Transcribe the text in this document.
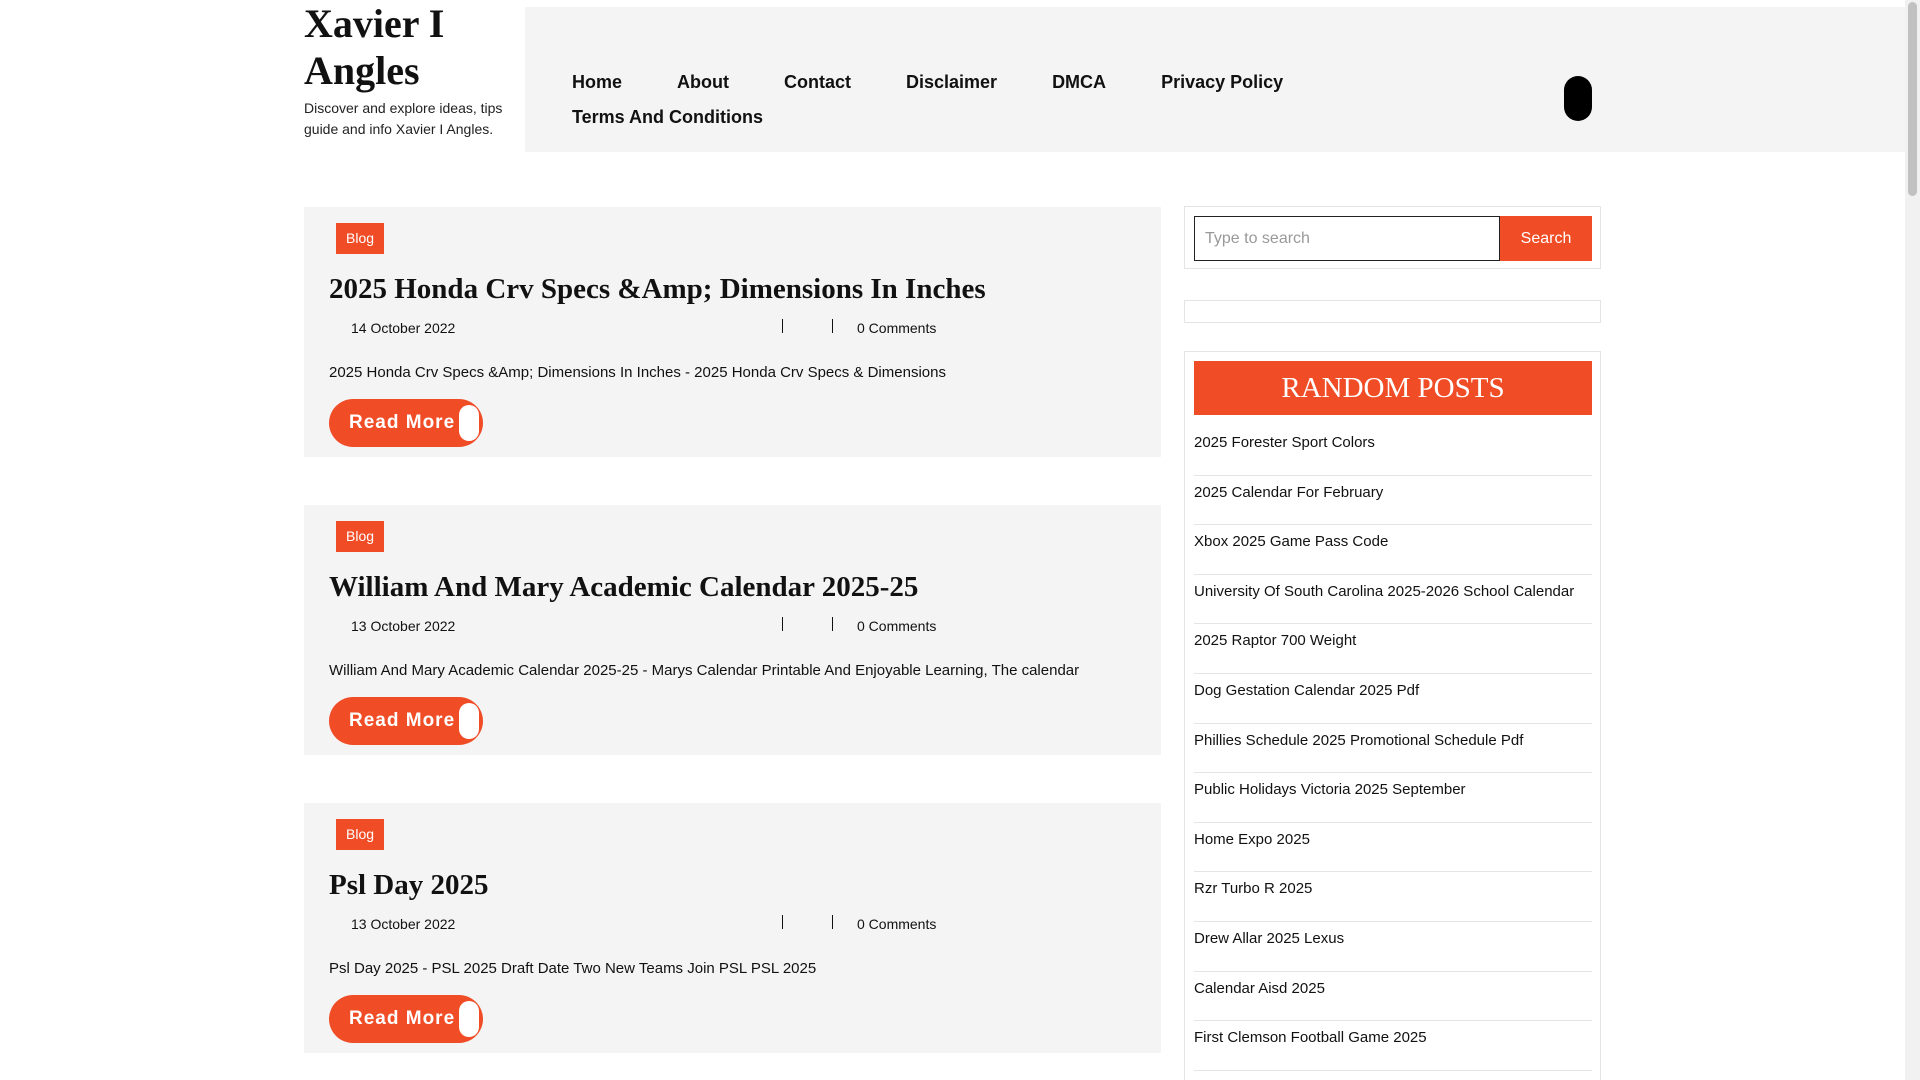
Xavier I Angles
Discover and explore ideas, tips guide and info Xavier I Angles.
Home	About	Contact	Disclaimer	DMCA	Privacy Policy
Terms And Conditions
Blog
2025 Honda Crv Specs &Amp; Dimensions In Inches
14 October 2022	0 Comments

2025 Honda Crv Specs &Amp; Dimensions In Inches - 2025 Honda Crv Specs & Dimensions

Read More
Blog
William And Mary Academic Calendar 2025-25
13 October 2022	0 Comments

William And Mary Academic Calendar 2025-25 - Marys Calendar Printable And Enjoyable Learning, The calendar

Read More
Blog
Psl Day 2025
13 October 2022	0 Comments

Psl Day 2025 - PSL 2025 Draft Date Two New Teams Join PSL PSL 2025

Read More
Type to search
Search
RANDOM POSTS
2025 Forester Sport Colors
2025 Calendar For February
Xbox 2025 Game Pass Code
University Of South Carolina 2025-2026 School Calendar
2025 Raptor 700 Weight
Dog Gestation Calendar 2025 Pdf
Phillies Schedule 2025 Promotional Schedule Pdf
Public Holidays Victoria 2025 September
Home Expo 2025
Rzr Turbo R 2025
Drew Allar 2025 Lexus
Calendar Aisd 2025
First Clemson Football Game 2025
